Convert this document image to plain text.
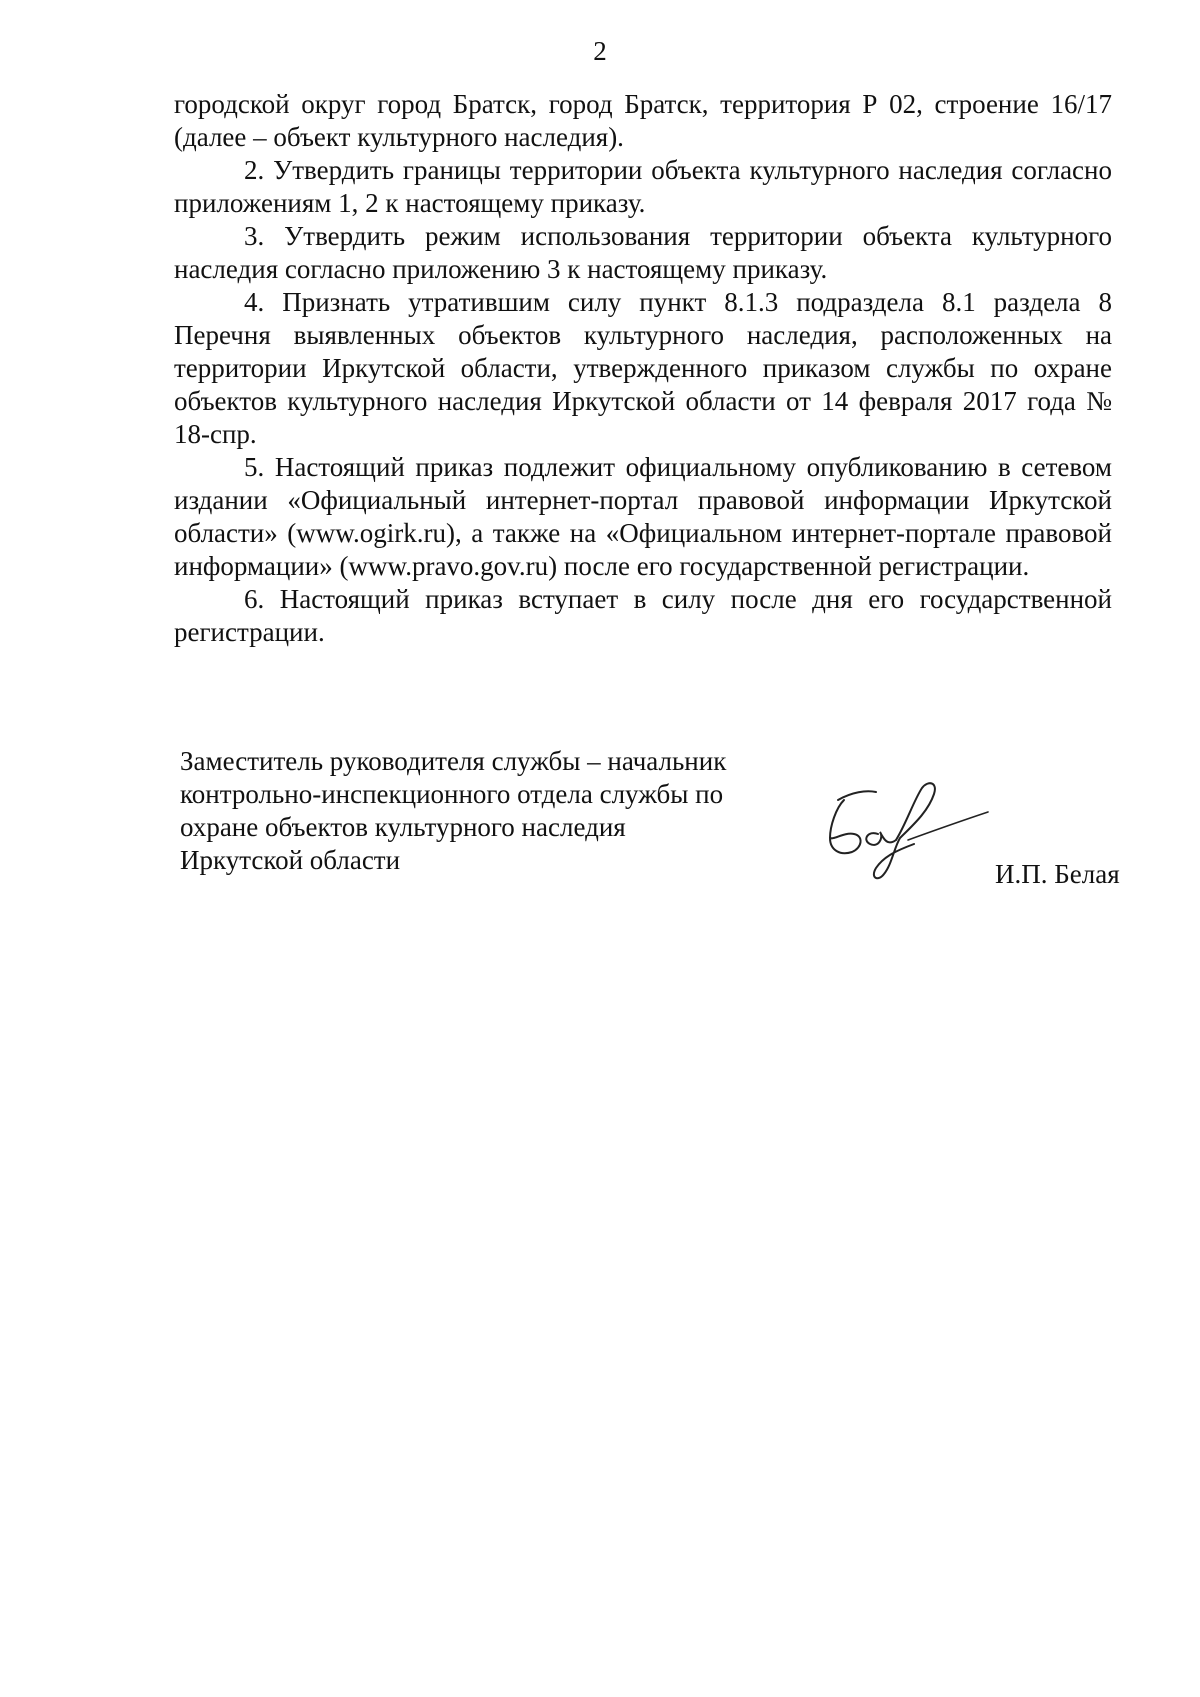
2

городской округ город Братск, город Братск, территория Р 02, строение 16/17 (далее – объект культурного наследия).

2. Утвердить границы территории объекта культурного наследия согласно приложениям 1, 2 к настоящему приказу.

3. Утвердить режим использования территории объекта культурного наследия согласно приложению 3 к настоящему приказу.

4. Признать утратившим силу пункт 8.1.3 подраздела 8.1 раздела 8 Перечня выявленных объектов культурного наследия, расположенных на территории Иркутской области, утвержденного приказом службы по охране объектов культурного наследия Иркутской области от 14 февраля 2017 года № 18-спр.

5. Настоящий приказ подлежит официальному опубликованию в сетевом издании «Официальный интернет-портал правовой информации Иркутской области» (www.ogirk.ru), а также на «Официальном интернет-портале правовой информации» (www.pravo.gov.ru) после его государственной регистрации.

6. Настоящий приказ вступает в силу после дня его государственной регистрации.

Заместитель руководителя службы – начальник
контрольно-инспекционного отдела службы по
охране объектов культурного наследия
Иркутской области	И.П. Белая
